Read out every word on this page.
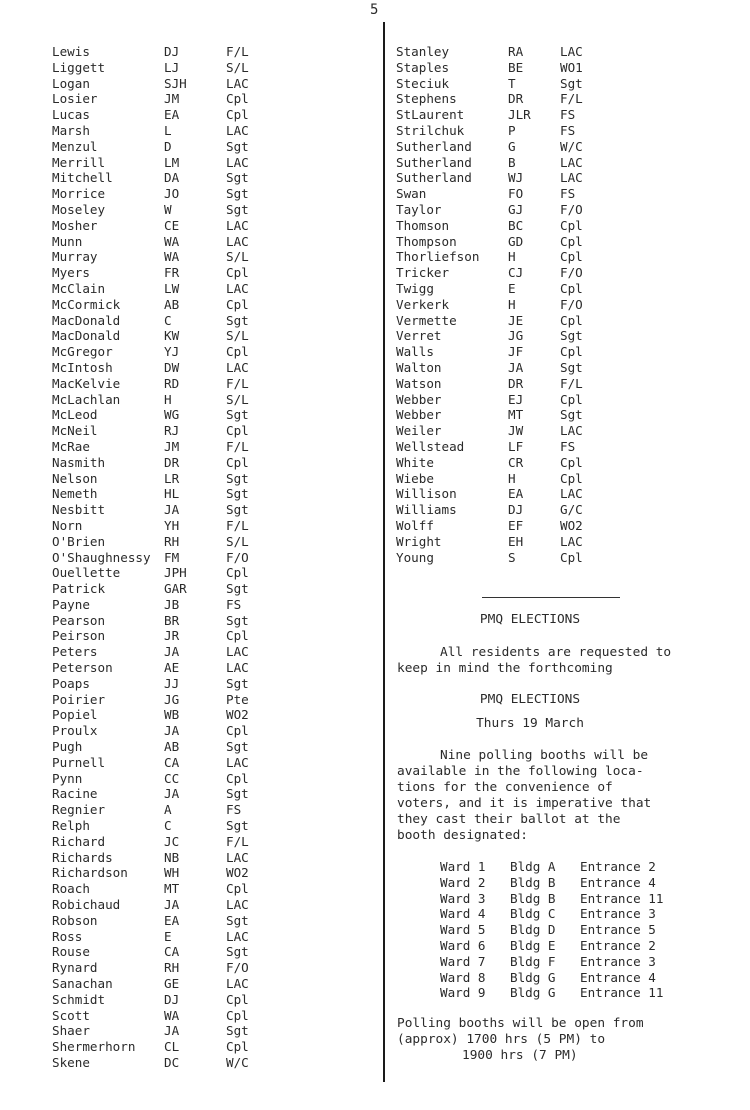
5
Lewis	DJ	F/L
Liggett	LJ	S/L
Logan	SJH	LAC
Losier	JM	Cpl
Lucas	EA	Cpl
Marsh	L	LAC
Menzul	D	Sgt
Merrill	LM	LAC
Mitchell	DA	Sgt
Morrice	JO	Sgt
Moseley	W	Sgt
Mosher	CE	LAC
Munn	WA	LAC
Murray	WA	S/L
Myers	FR	Cpl
McClain	LW	LAC
McCormick	AB	Cpl
MacDonald	C	Sgt
MacDonald	KW	S/L
McGregor	YJ	Cpl
McIntosh	DW	LAC
MacKelvie	RD	F/L
McLachlan	H	S/L
McLeod	WG	Sgt
McNeil	RJ	Cpl
McRae	JM	F/L
Nasmith	DR	Cpl
Nelson	LR	Sgt
Nemeth	HL	Sgt
Nesbitt	JA	Sgt
Norn	YH	F/L
O'Brien	RH	S/L
O'Shaughnessy FM	F/O
Ouellette	JPH	Cpl
Patrick	GAR	Sgt
Payne	JB	FS
Pearson	BR	Sgt
Peirson	JR	Cpl
Peters	JA	LAC
Peterson	AE	LAC
Poaps	JJ	Sgt
Poirier	JG	Pte
Popiel	WB	WO2
Proulx	JA	Cpl
Pugh	AB	Sgt
Purnell	CA	LAC
Pynn	CC	Cpl
Racine	JA	Sgt
Regnier	A	FS
Relph	C	Sgt
Richard	JC	F/L
Richards	NB	LAC
Richardson	WH	WO2
Roach	MT	Cpl
Robichaud	JA	LAC
Robson	EA	Sgt
Ross	E	LAC
Rouse	CA	Sgt
Rynard	RH	F/O
Sanachan	GE	LAC
Schmidt	DJ	Cpl
Scott	WA	Cpl
Shaer	JA	Sgt
Shermerhorn CL	Cpl
Skene	DC	W/C
Stanley	RA	LAC
Staples	BE	WO1
Steciuk	T	Sgt
Stephens	DR	F/L
StLaurent	JLR FS
Strilchuk	P	FS
Sutherland	G	W/C
Sutherland	B	LAC
Sutherland	WJ	LAC
Swan	FO	FS
Taylor	GJ	F/O
Thomson	BC	Cpl
Thompson	GD	Cpl
Thorliefson H	Cpl
Tricker	CJ	F/O
Twigg	E	Cpl
Verkerk	H	F/O
Vermette	JE	Cpl
Verret	JG	Sgt
Walls	JF	Cpl
Walton	JA	Sgt
Watson	DR	F/L
Webber	EJ	Cpl
Webber	MT	Sgt
Weiler	JW	LAC
Wellstead	LF	FS
White	CR	Cpl
Wiebe	H	Cpl
Willison	EA	LAC
Williams	DJ	G/C
Wolff	EF	WO2
Wright	EH	LAC
Young	S	Cpl
PMQ ELECTIONS
All residents are requested to
keep in mind the forthcoming
PMQ ELECTIONS
Thurs 19 March
Nine polling booths will be
available in the following loca-
tions for the convenience of
voters, and it is imperative that
they cast their ballot at the
booth designated:
Ward 1 Bldg A Entrance 2
Ward 2 Bldg B Entrance 4
Ward 3 Bldg B Entrance 11
Ward 4 Bldg C Entrance 3
Ward 5 Bldg D Entrance 5
Ward 6 Bldg E Entrance 2
Ward 7 Bldg F Entrance 3
Ward 8 Bldg G Entrance 4
Ward 9 Bldg G Entrance 11
Polling booths will be open from
(approx) 1700 hrs (5 PM) to
1900 hrs (7 PM)
